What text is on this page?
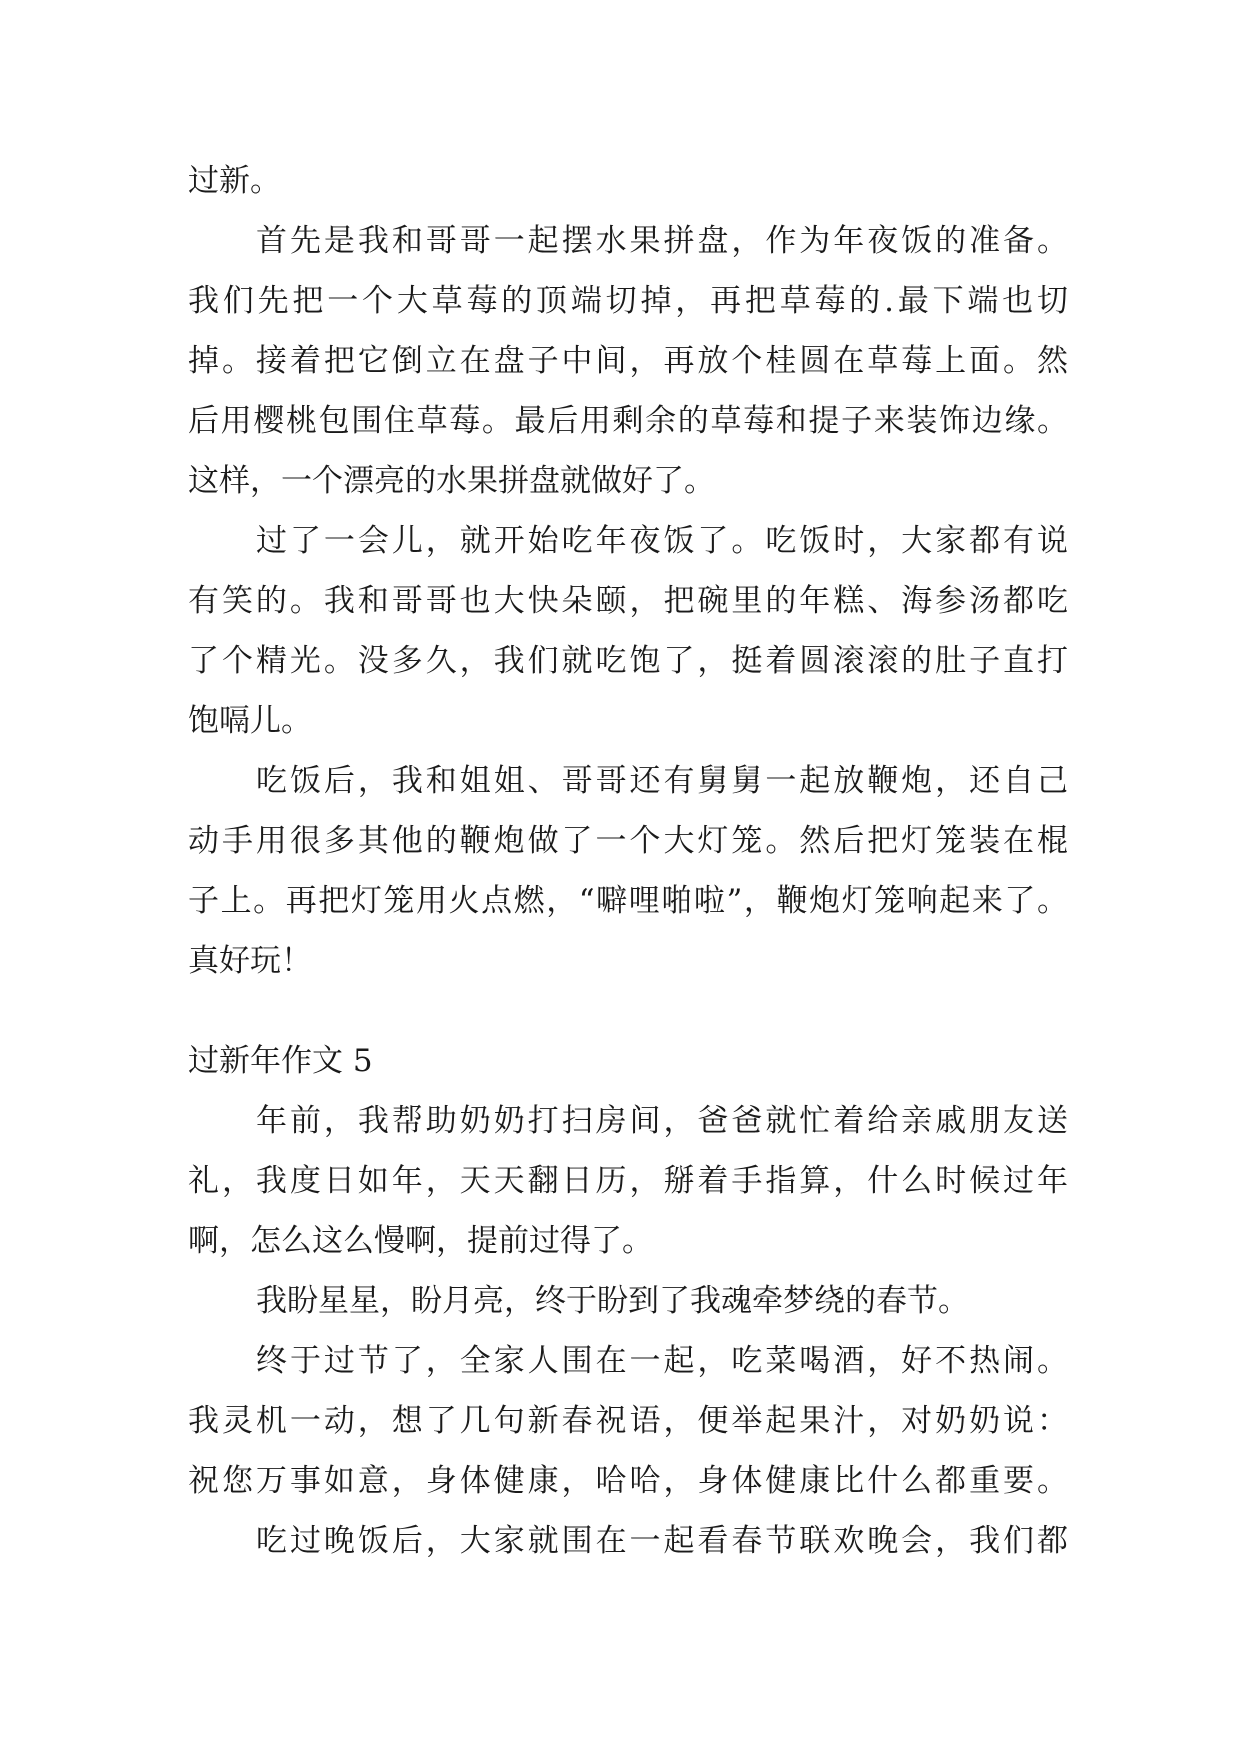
过新。
首先是我和哥哥一起摆水果拼盘，作为年夜饭的准备。
我们先把一个大草莓的顶端切掉，再把草莓的.最下端也切
掉。接着把它倒立在盘子中间，再放个桂圆在草莓上面。然
后用樱桃包围住草莓。最后用剩余的草莓和提子来装饰边缘。
这样，一个漂亮的水果拼盘就做好了。
过了一会儿，就开始吃年夜饭了。吃饭时，大家都有说
有笑的。我和哥哥也大快朵颐，把碗里的年糕、海参汤都吃
了个精光。没多久，我们就吃饱了，挺着圆滚滚的肚子直打
饱嗝儿。
吃饭后，我和姐姐、哥哥还有舅舅一起放鞭炮，还自己
动手用很多其他的鞭炮做了一个大灯笼。然后把灯笼装在棍
子上。再把灯笼用火点燃，“噼哩啪啦”，鞭炮灯笼响起来了。
真好玩！
过新年作文 5
年前，我帮助奶奶打扫房间，爸爸就忙着给亲戚朋友送
礼，我度日如年，天天翻日历，掰着手指算，什么时候过年
啊，怎么这么慢啊，提前过得了。
我盼星星，盼月亮，终于盼到了我魂牵梦绕的春节。
终于过节了，全家人围在一起，吃菜喝酒，好不热闹。
我灵机一动，想了几句新春祝语，便举起果汁，对奶奶说：
祝您万事如意，身体健康，哈哈，身体健康比什么都重要。
吃过晚饭后，大家就围在一起看春节联欢晚会，我们都
